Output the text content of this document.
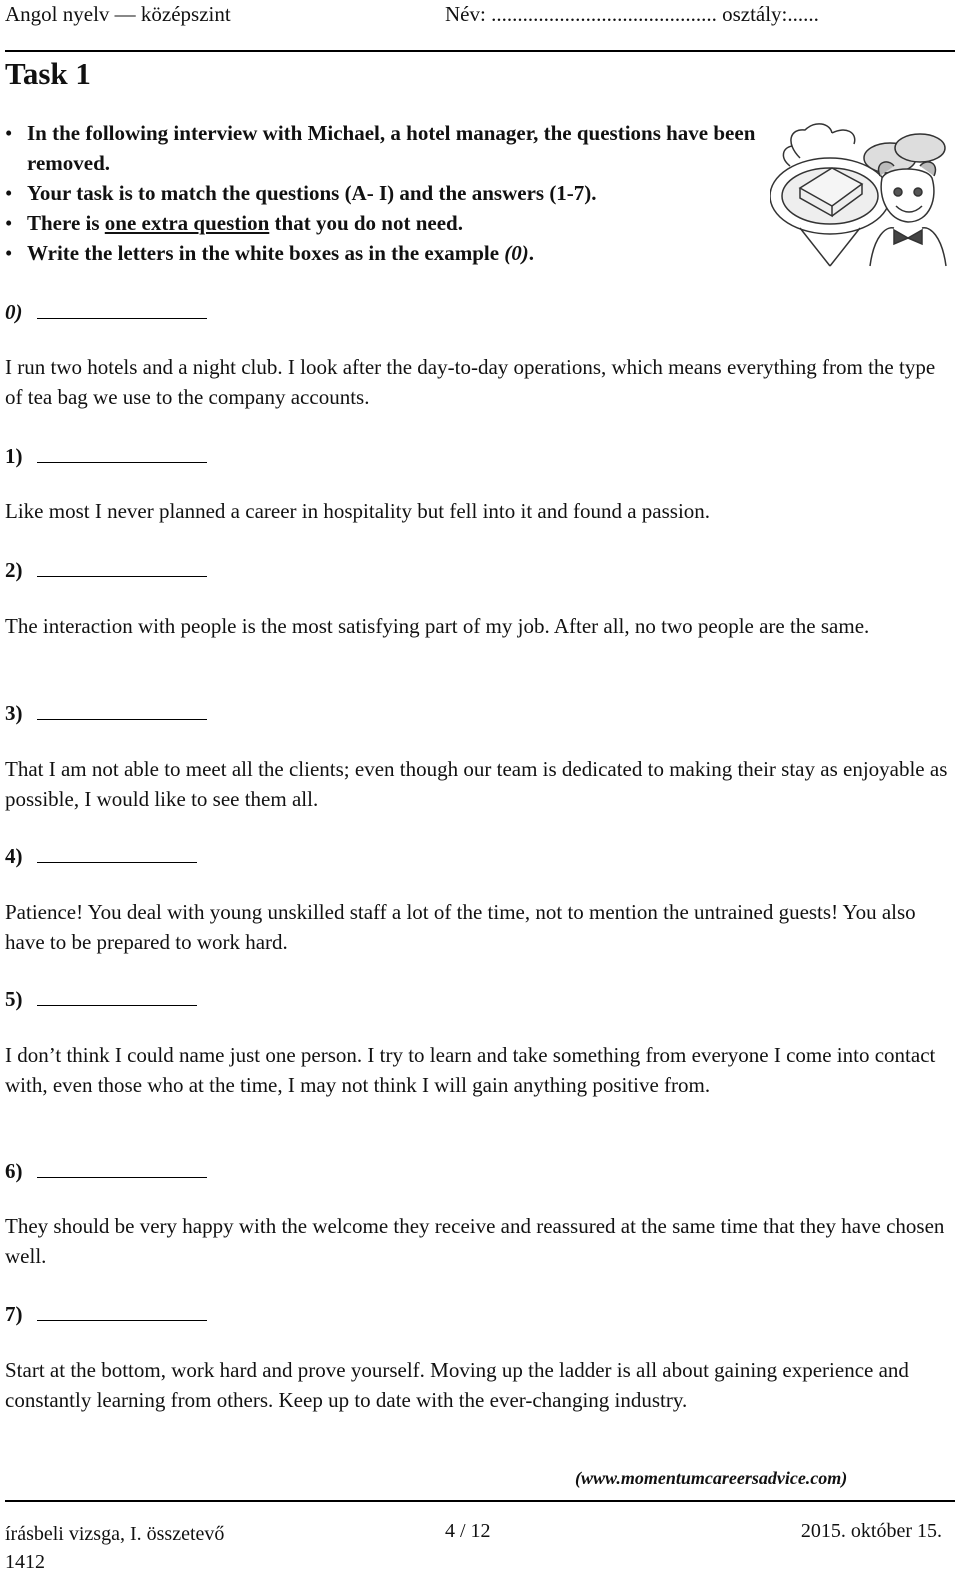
Angol nyelv — középszint	Név: ........................................... osztály:......
Task 1
• In the following interview with Michael, a hotel manager, the questions have been removed.
• Your task is to match the questions (A- I) and the answers (1-7).
• There is one extra question that you do not need.
• Write the letters in the white boxes as in the example (0).
0)
I run two hotels and a night club. I look after the day-to-day operations, which means everything from the type of tea bag we use to the company accounts.
1)
Like most I never planned a career in hospitality but fell into it and found a passion.
2)
The interaction with people is the most satisfying part of my job. After all, no two people are the same.
3)
That I am not able to meet all the clients; even though our team is dedicated to making their stay as enjoyable as possible, I would like to see them all.
4)
Patience! You deal with young unskilled staff a lot of the time, not to mention the untrained guests! You also have to be prepared to work hard.
5)
I don’t think I could name just one person. I try to learn and take something from everyone I come into contact with, even those who at the time, I may not think I will gain anything positive from.
6)
They should be very happy with the welcome they receive and reassured at the same time that they have chosen well.
7)
Start at the bottom, work hard and prove yourself. Moving up the ladder is all about gaining experience and constantly learning from others. Keep up to date with the ever-changing industry.
(www.momentumcareersadvice.com)
írásbeli vizsga, I. összetevő
1412
4 / 12	2015. október 15.
